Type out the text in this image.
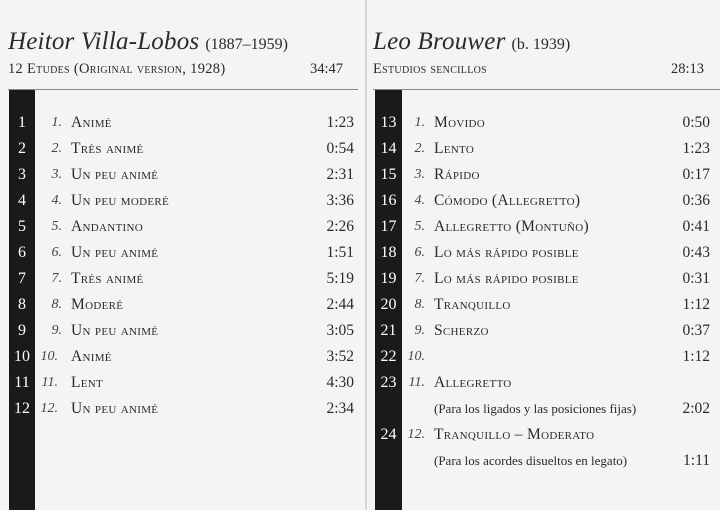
Heitor Villa-Lobos (1887–1959)
12 Etudes (Original version, 1928)	34:47
1	1. Animé	1:23
2	2. Très animé	0:54
3	3. Un peu animé	2:31
4	4. Un peu moderé	3:36
5	5. Andantino	2:26
6	6. Un peu animé	1:51
7	7. Très animé	5:19
8	8. Moderé	2:44
9	9. Un peu animé	3:05
10 10. Animé	3:52
11 11. Lent	4:30
12 12. Un peu animé	2:34
Leo Brouwer (b. 1939)
Estudios sencillos	28:13
13	1. Movido	0:50
14	2. Lento	1:23
15	3. Rápido	0:17
16	4. Cómodo (Allegretto)	0:36
17	5. Allegretto (Montuño)	0:41
18	6. Lo más rápido posible	0:43
19	7. Lo más rápido posible	0:31
20	8. Tranquillo	1:12
21	9. Scherzo	0:37
22 10.	1:12
23 11. Allegretto
(Para los ligados y las posiciones fijas)	2:02
24 12. Tranquillo – Moderato
(Para los acordes disueltos en legato)	1:11
